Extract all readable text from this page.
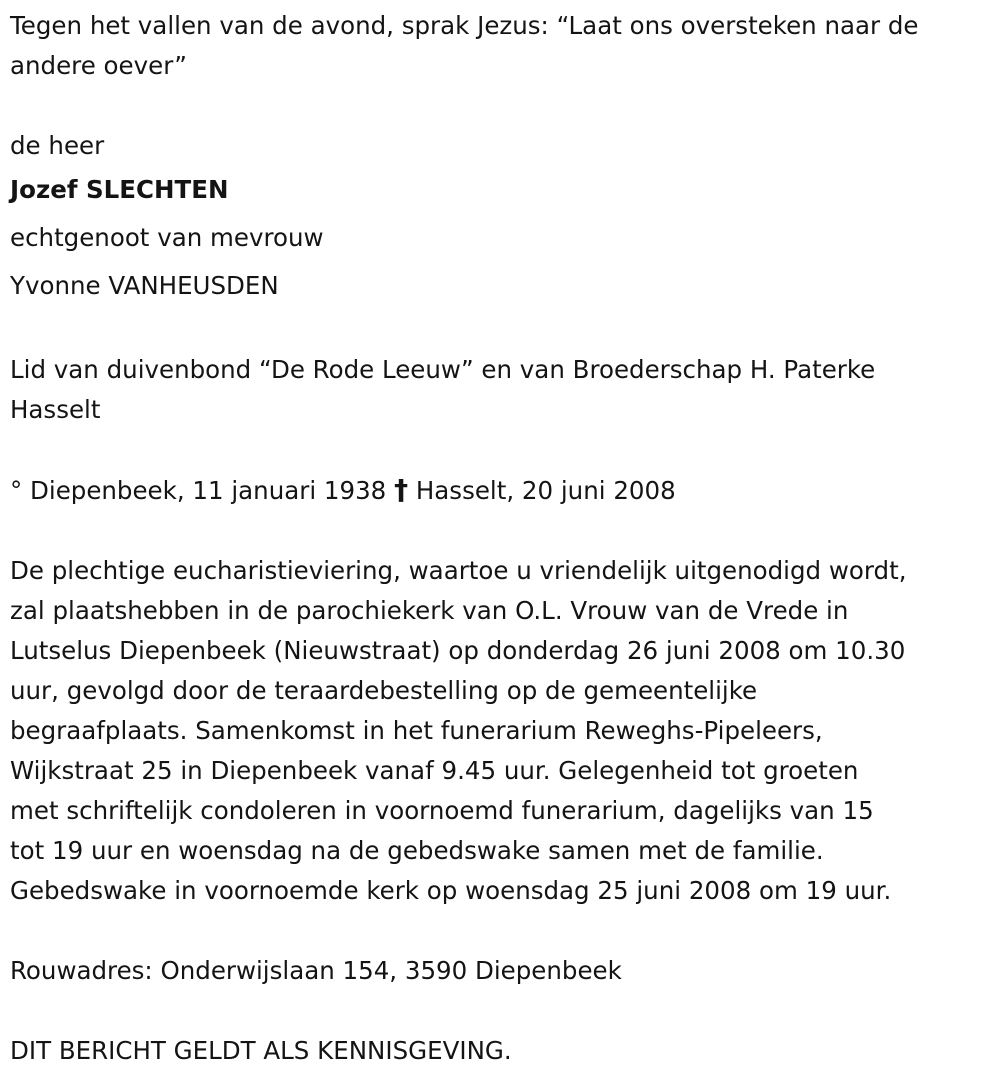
Tegen het vallen van de avond, sprak Jezus: “Laat ons oversteken naar de

andere oever”

de heer

Jozef SLECHTEN

echtgenoot van mevrouw

Yvonne VANHEUSDEN

Lid van duivenbond “De Rode Leeuw” en van Broederschap H. Paterke

Hasselt

° Diepenbeek, 11 januari 1938 † Hasselt, 20 juni 2008

De plechtige eucharistieviering, waartoe u vriendelijk uitgenodigd wordt,

zal plaatshebben in de parochiekerk van O.L. Vrouw van de Vrede in

Lutselus Diepenbeek (Nieuwstraat) op donderdag 26 juni 2008 om 10.30

uur, gevolgd door de teraardebestelling op de gemeentelijke

begraafplaats. Samenkomst in het funerarium Reweghs-Pipeleers,

Wijkstraat 25 in Diepenbeek vanaf 9.45 uur. Gelegenheid tot groeten

met schriftelijk condoleren in voornoemd funerarium, dagelijks van 15

tot 19 uur en woensdag na de gebedswake samen met de familie.

Gebedswake in voornoemde kerk op woensdag 25 juni 2008 om 19 uur.

Rouwadres: Onderwijslaan 154, 3590 Diepenbeek

DIT BERICHT GELDT ALS KENNISGEVING.
